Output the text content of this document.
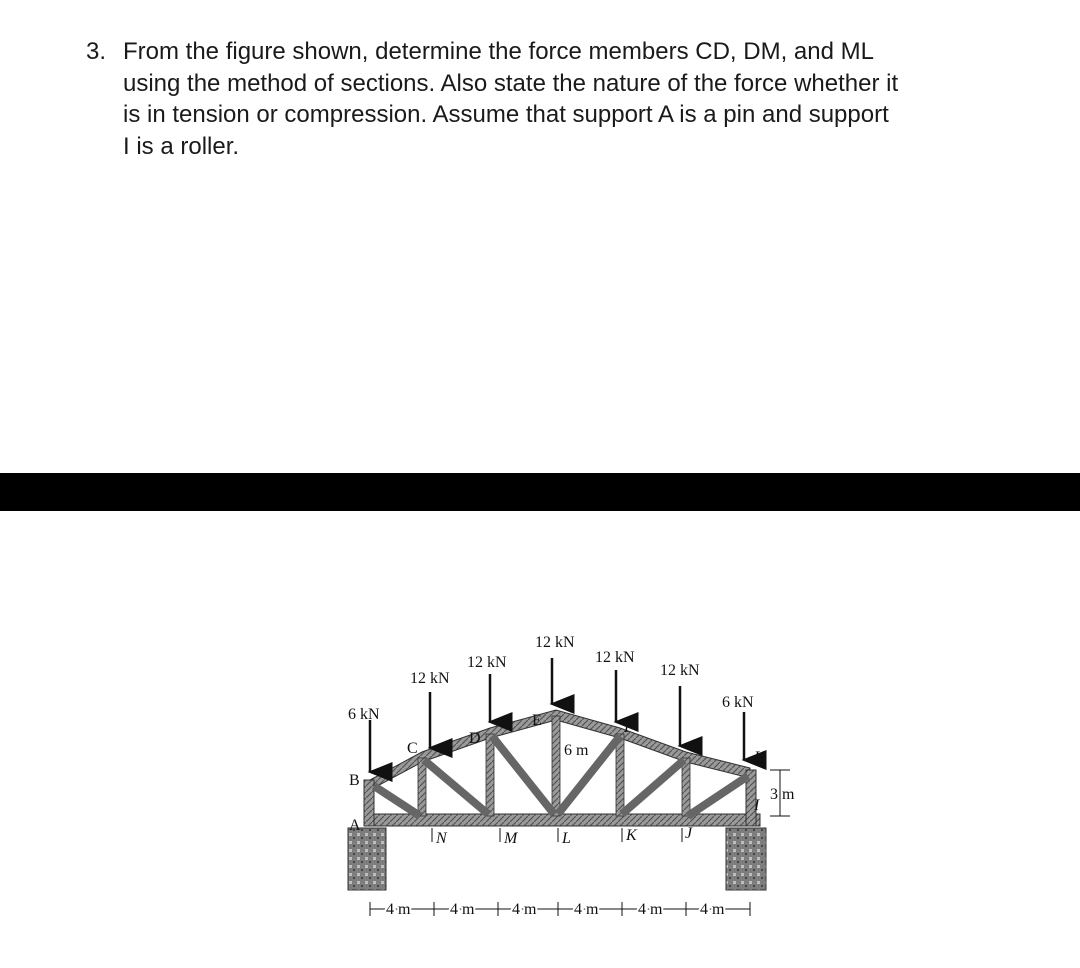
3. From the figure shown, determine the force members CD, DM, and ML
using the method of sections. Also state the nature of the force whether it
is in tension or compression. Assume that support A is a pin and support
I is a roller.
6 kN
12 kN
12 kN
12 kN
12 kN
12 kN
6 kN
A
B
C
D
E	F
G
H
I
J
K
L
M
N
6 m
3 m
4 m 4 m 4 m 4 m 4 m 4 m
